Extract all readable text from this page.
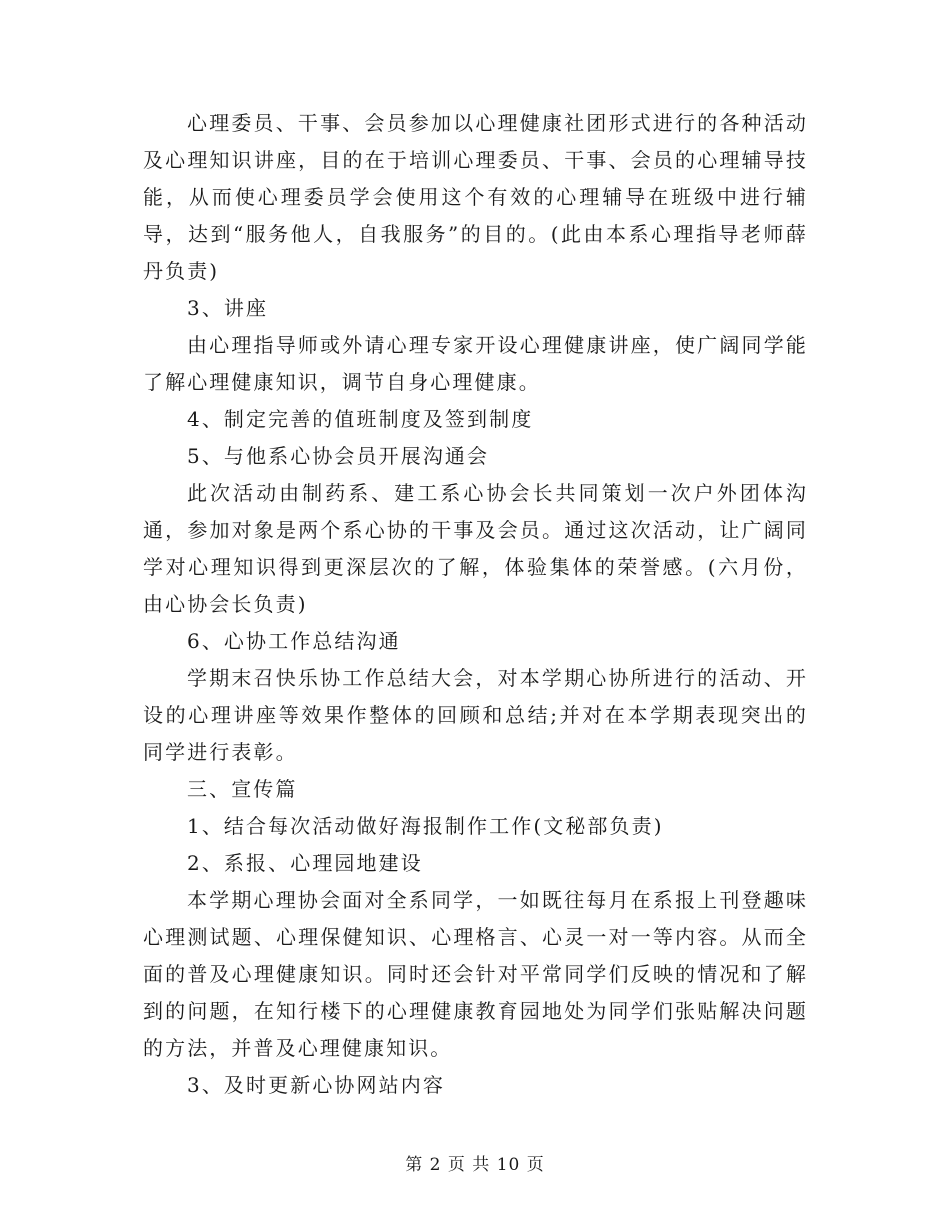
心理委员、干事、会员参加以心理健康社团形式进行的各种活动及心理知识讲座，目的在于培训心理委员、干事、会员的心理辅导技能，从而使心理委员学会使用这个有效的心理辅导在班级中进行辅导，达到“服务他人，自我服务”的目的。(此由本系心理指导老师薛丹负责)

3、讲座

由心理指导师或外请心理专家开设心理健康讲座，使广阔同学能了解心理健康知识，调节自身心理健康。

4、制定完善的值班制度及签到制度

5、与他系心协会员开展沟通会

此次活动由制药系、建工系心协会长共同策划一次户外团体沟通，参加对象是两个系心协的干事及会员。通过这次活动，让广阔同学对心理知识得到更深层次的了解，体验集体的荣誉感。(六月份，由心协会长负责)

6、心协工作总结沟通

学期末召快乐协工作总结大会，对本学期心协所进行的活动、开设的心理讲座等效果作整体的回顾和总结;并对在本学期表现突出的同学进行表彰。

三、宣传篇

1、结合每次活动做好海报制作工作(文秘部负责)

2、系报、心理园地建设

本学期心理协会面对全系同学，一如既往每月在系报上刊登趣味心理测试题、心理保健知识、心理格言、心灵一对一等内容。从而全面的普及心理健康知识。同时还会针对平常同学们反映的情况和了解到的问题，在知行楼下的心理健康教育园地处为同学们张贴解决问题的方法，并普及心理健康知识。

3、及时更新心协网站内容

第 2 页 共 10 页
